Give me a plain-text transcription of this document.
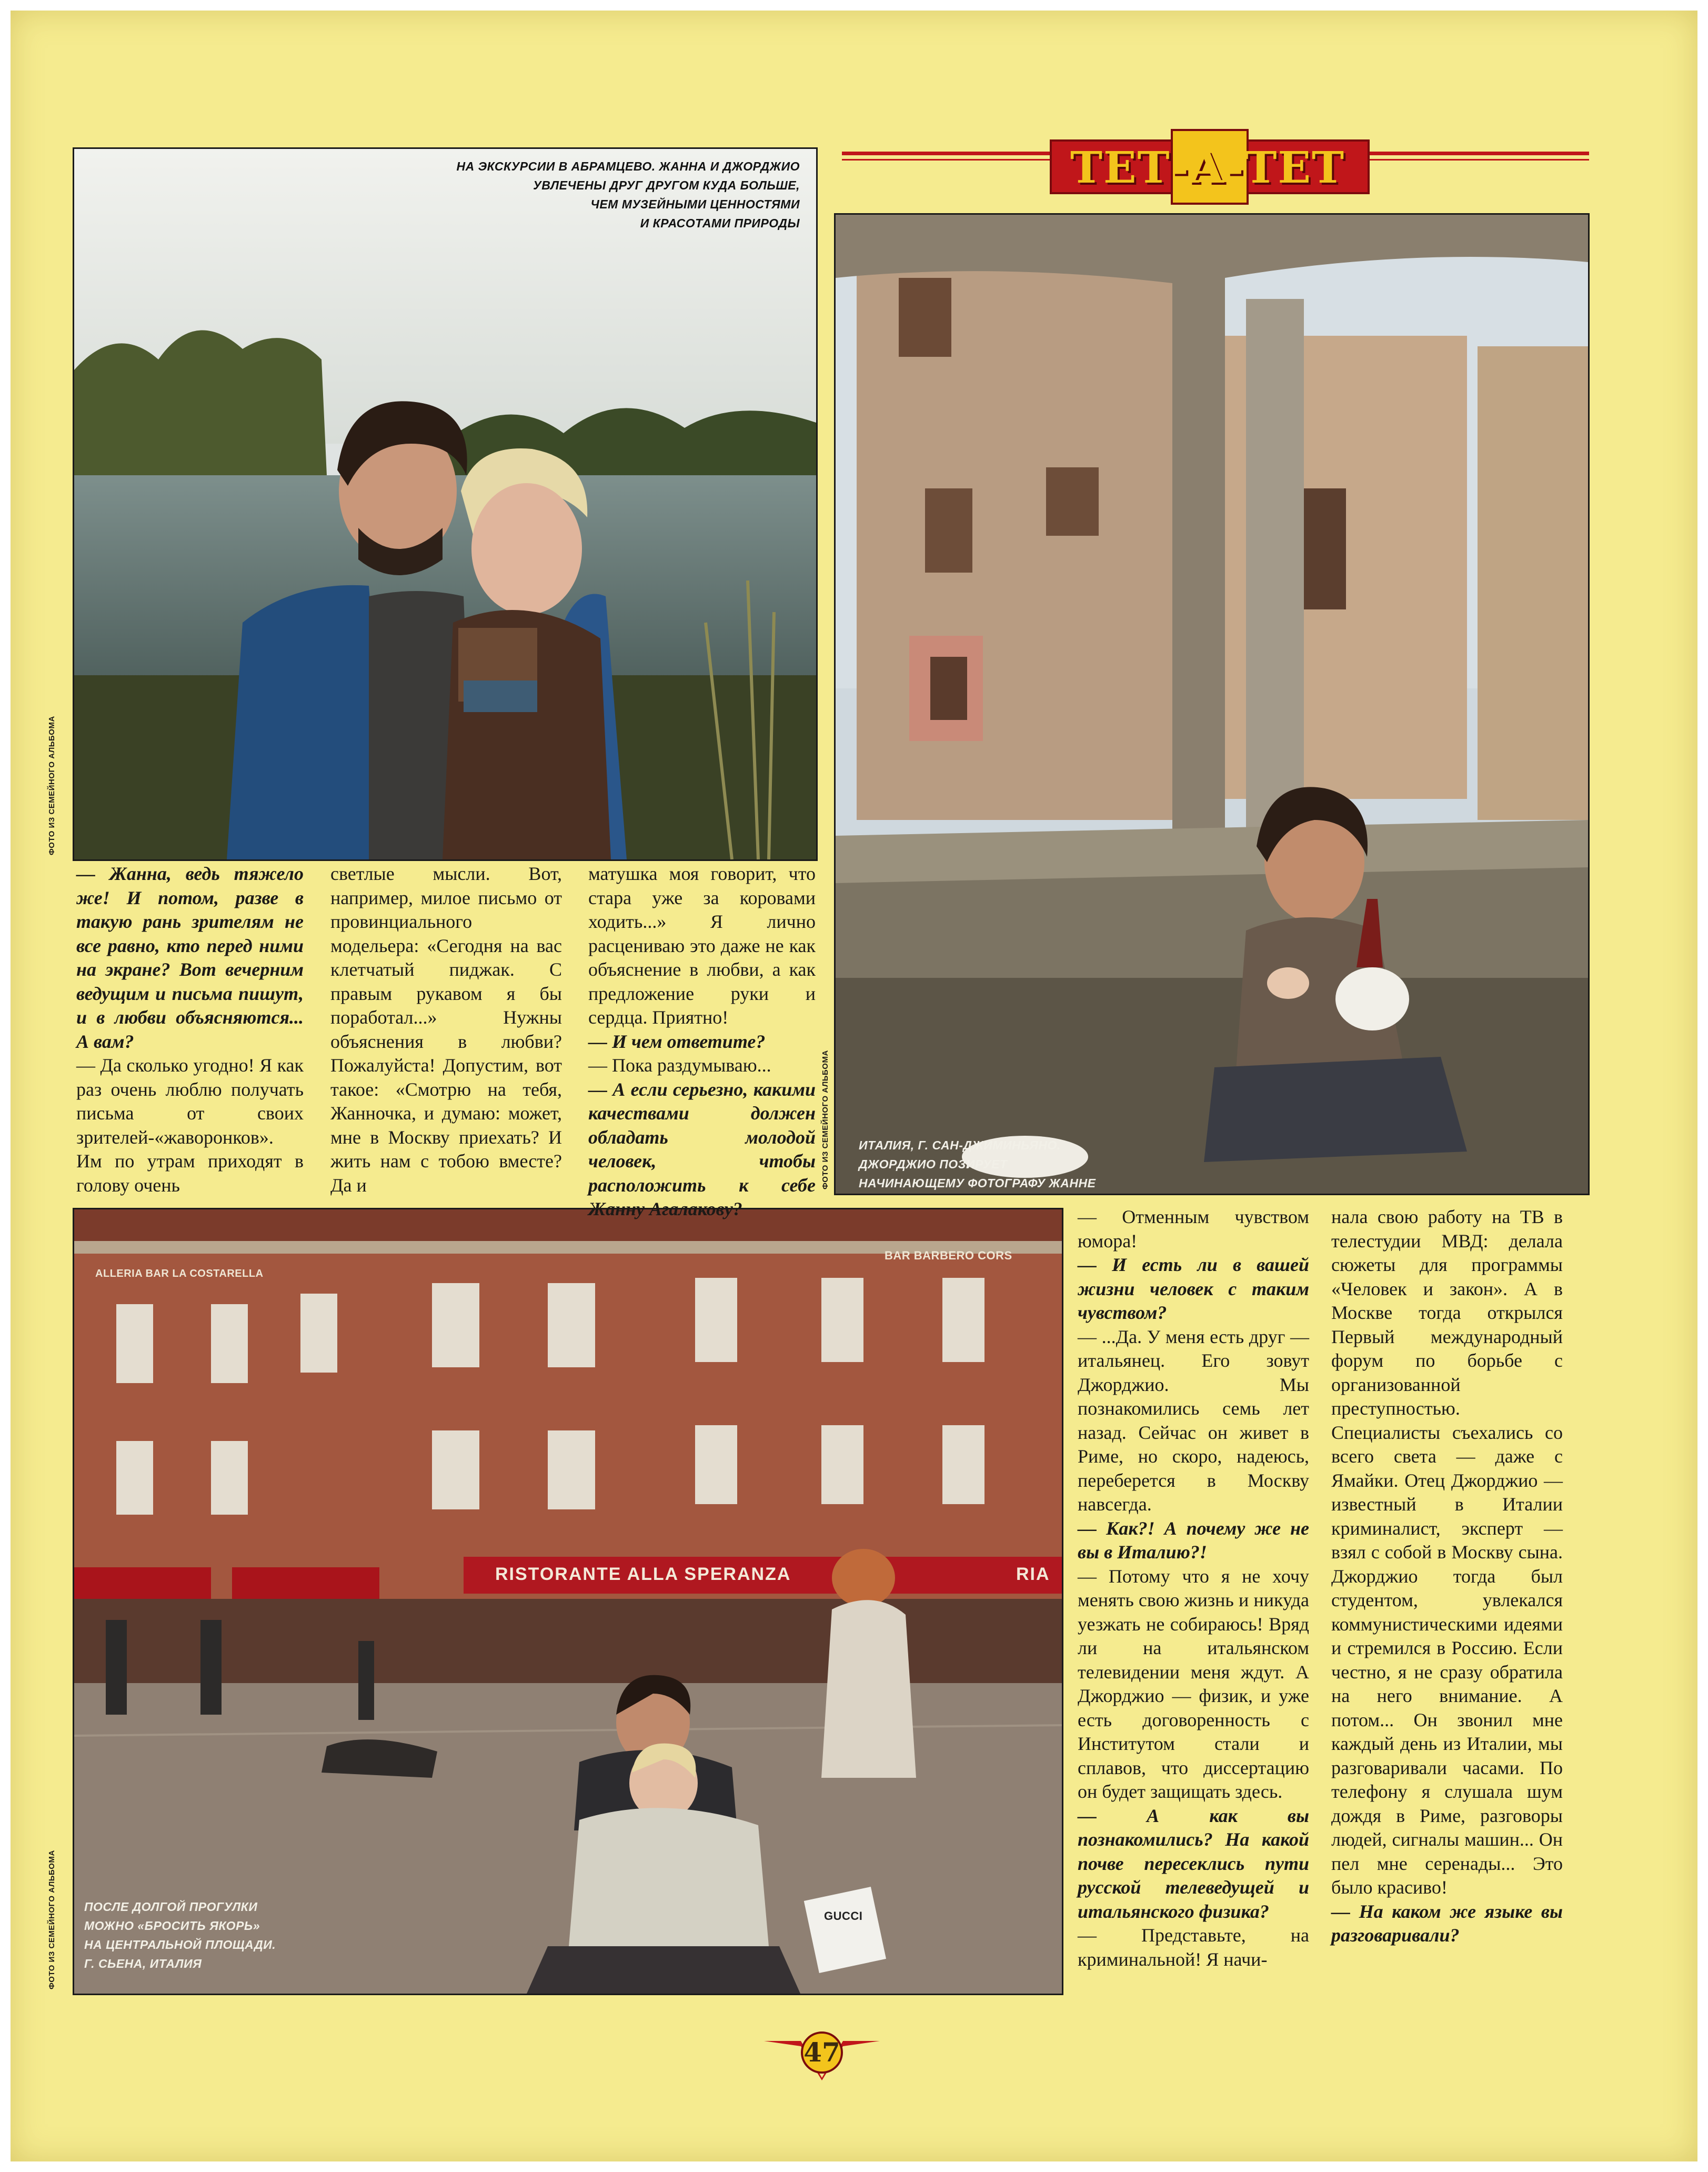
ТЕТ-А-ТЕТ
НА ЭКСКУРСИИ В АБРАМЦЕВО. ЖАННА И ДЖОРДЖИО
УВЛЕЧЕНЫ ДРУГ ДРУГОМ КУДА БОЛЬШЕ,
ЧЕМ МУЗЕЙНЫМИ ЦЕННОСТЯМИ
И КРАСОТАМИ ПРИРОДЫ
ФОТО ИЗ СЕМЕЙНОГО АЛЬБОМА
ИТАЛИЯ, Г. САН-ДЖИМИНЬЯНО.
ДЖОРДЖИО ПОЗИРУЕТ
НАЧИНАЮЩЕМУ ФОТОГРАФУ ЖАННЕ
ФОТО ИЗ СЕМЕЙНОГО АЛЬБОМА
ALLERIA BAR LA COSTARELLA
BAR BARBERO CORS
RISTORANTE ALLA SPERANZA	RIA
GUCCI
ПОСЛЕ ДОЛГОЙ ПРОГУЛКИ
МОЖНО «БРОСИТЬ ЯКОРЬ»
НА ЦЕНТРАЛЬНОЙ ПЛОЩАДИ.
Г. СЬЕНА, ИТАЛИЯ
ФОТО ИЗ СЕМЕЙНОГО АЛЬБОМА

— Жанна, ведь тяжело же! И потом, разве в такую рань зрителям не все равно, кто перед ними на экране? Вот вечерним ведущим и письма пишут, и в любви объясняются... А вам?

— Да сколько угодно! Я как раз очень люблю получать письма от своих зрителей-«жаворонков». Им по утрам приходят в голову очень

светлые мысли. Вот, например, милое письмо от провинциального модельера: «Сегодня на вас клетчатый пиджак. С правым рукавом я бы поработал...» Нужны объяснения в любви? Пожалуйста! Допустим, вот такое: «Смотрю на тебя, Жанночка, и думаю: может, мне в Москву приехать? И жить нам с тобою вместе? Да и

матушка моя говорит, что стара уже за коровами ходить...» Я лично расцениваю это даже не как объяснение в любви, а как предложение руки и сердца. Приятно!

— И чем ответите?

— Пока раздумываю...

— А если серьезно, какими качествами должен обладать молодой человек, чтобы расположить к себе Жанну Агалакову?	— Отменным чувством юмора!

— И есть ли в вашей жизни человек с таким чувством?

— ...Да. У меня есть друг — итальянец. Его зовут Джорджио. Мы познакомились семь лет назад. Сейчас он живет в Риме, но скоро, надеюсь, переберется в Москву навсегда.

— Как?! А почему же не вы в Италию?!

— Потому что я не хочу менять свою жизнь и никуда уезжать не собираюсь! Вряд ли на итальянском телевидении меня ждут. А Джорджио — физик, и уже есть договоренность с Институтом стали и сплавов, что диссертацию он будет защищать здесь.

— А как вы познакомились? На какой почве пересеклись пути русской телеведущей и итальянского физика?

— Представьте, на криминальной! Я начи-

нала свою работу на ТВ в телестудии МВД: делала сюжеты для программы «Человек и закон». А в Москве тогда открылся Первый международный форум по борьбе с организованной преступностью. Специалисты съехались со всего света — даже с Ямайки. Отец Джорджио — известный в Италии криминалист, эксперт — взял с собой в Москву сына. Джорджио тогда был студентом, увлекался коммунистическими идеями и стремился в Россию. Если честно, я не сразу обратила на него внимание. А потом... Он звонил мне каждый день из Италии, мы разговаривали часами. По телефону я слушала шум дождя в Риме, разговоры людей, сигналы машин... Он пел мне серенады... Это было красиво!

— На каком же языке вы разговаривали?

47
